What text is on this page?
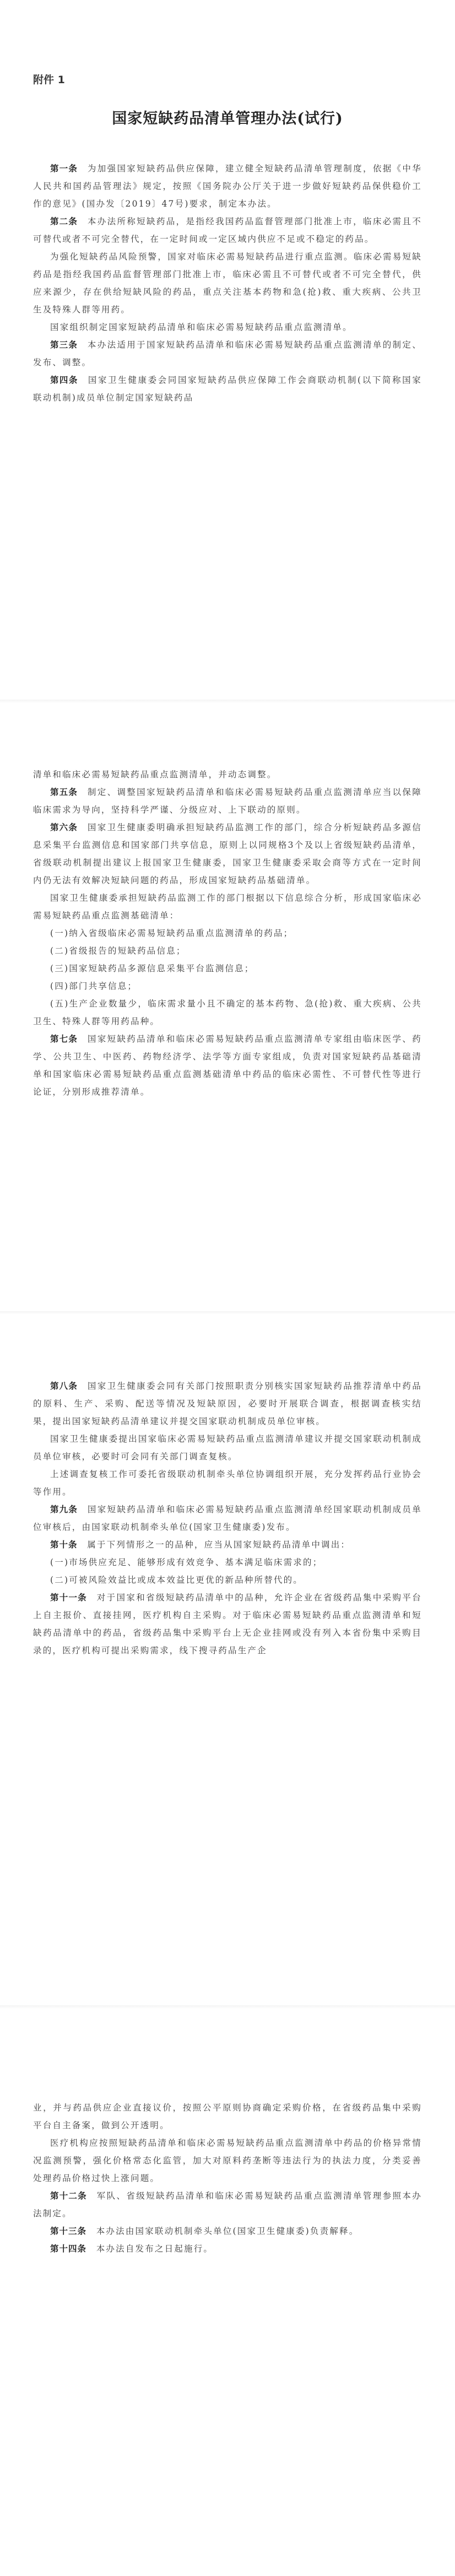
附件 1
国家短缺药品清单管理办法(试行)

第一条　 为加强国家短缺药品供应保障，建立健全短缺药品清单管理制度，依据《中华人民共和国药品管理法》规定，按照《国务院办公厅关于进一步做好短缺药品保供稳价工作的意见》(国办发〔2019〕47号)要求，制定本办法。

第二条　 本办法所称短缺药品，是指经我国药品监督管理部门批准上市，临床必需且不可替代或者不可完全替代，在一定时间或一定区域内供应不足或不稳定的药品。

为强化短缺药品风险预警，国家对临床必需易短缺药品进行重点监测。临床必需易短缺药品是指经我国药品监督管理部门批准上市，临床必需且不可替代或者不可完全替代，供应来源少，存在供给短缺风险的药品，重点关注基本药物和急(抢)救、重大疾病、公共卫生及特殊人群等用药。

国家组织制定国家短缺药品清单和临床必需易短缺药品重点监测清单。

第三条　 本办法适用于国家短缺药品清单和临床必需易短缺药品重点监测清单的制定、发布、调整。

第四条　 国家卫生健康委会同国家短缺药品供应保障工作会商联动机制(以下简称国家联动机制)成员单位制定国家短缺药品

清单和临床必需易短缺药品重点监测清单，并动态调整。

第五条　 制定、调整国家短缺药品清单和临床必需易短缺药品重点监测清单应当以保障临床需求为导向，坚持科学严谨、分级应对、上下联动的原则。

第六条　 国家卫生健康委明确承担短缺药品监测工作的部门，综合分析短缺药品多源信息采集平台监测信息和国家部门共享信息，原则上以同规格3个及以上省级短缺药品清单，省级联动机制提出建议上报国家卫生健康委，国家卫生健康委采取会商等方式在一定时间内仍无法有效解决短缺问题的药品，形成国家短缺药品基础清单。

国家卫生健康委承担短缺药品监测工作的部门根据以下信息综合分析，形成国家临床必需易短缺药品重点监测基础清单：

(一)纳入省级临床必需易短缺药品重点监测清单的药品；

(二)省级报告的短缺药品信息；

(三)国家短缺药品多源信息采集平台监测信息；

(四)部门共享信息；

(五)生产企业数量少，临床需求量小且不确定的基本药物、急(抢)救、重大疾病、公共卫生、特殊人群等用药品种。

第七条　 国家短缺药品清单和临床必需易短缺药品重点监测清单专家组由临床医学、药学、公共卫生、中医药、药物经济学、法学等方面专家组成，负责对国家短缺药品基础清单和国家临床必需易短缺药品重点监测基础清单中药品的临床必需性、不可替代性等进行论证，分别形成推荐清单。

第八条　 国家卫生健康委会同有关部门按照职责分别核实国家短缺药品推荐清单中药品的原料、生产、采购、配送等情况及短缺原因，必要时开展联合调查，根据调查核实结果，提出国家短缺药品清单建议并提交国家联动机制成员单位审核。

国家卫生健康委提出国家临床必需易短缺药品重点监测清单建议并提交国家联动机制成员单位审核，必要时可会同有关部门调查复核。

上述调查复核工作可委托省级联动机制牵头单位协调组织开展，充分发挥药品行业协会等作用。

第九条　 国家短缺药品清单和临床必需易短缺药品重点监测清单经国家联动机制成员单位审核后，由国家联动机制牵头单位(国家卫生健康委)发布。

第十条　 属于下列情形之一的品种，应当从国家短缺药品清单中调出：

(一)市场供应充足、能够形成有效竞争、基本满足临床需求的；

(二)可被风险效益比或成本效益比更优的新品种所替代的。

第十一条　 对于国家和省级短缺药品清单中的品种，允许企业在省级药品集中采购平台上自主报价、直接挂网，医疗机构自主采购。对于临床必需易短缺药品重点监测清单和短缺药品清单中的药品，省级药品集中采购平台上无企业挂网或没有列入本省份集中采购目录的，医疗机构可提出采购需求，线下搜寻药品生产企

业，并与药品供应企业直接议价，按照公平原则协商确定采购价格，在省级药品集中采购平台自主备案，做到公开透明。

医疗机构应按照短缺药品清单和临床必需易短缺药品重点监测清单中药品的价格异常情况监测预警，强化价格常态化监管，加大对原料药垄断等违法行为的执法力度，分类妥善处理药品价格过快上涨问题。

第十二条　 军队、省级短缺药品清单和临床必需易短缺药品重点监测清单管理参照本办法制定。

第十三条　 本办法由国家联动机制牵头单位(国家卫生健康委)负责解释。

第十四条　 本办法自发布之日起施行。
